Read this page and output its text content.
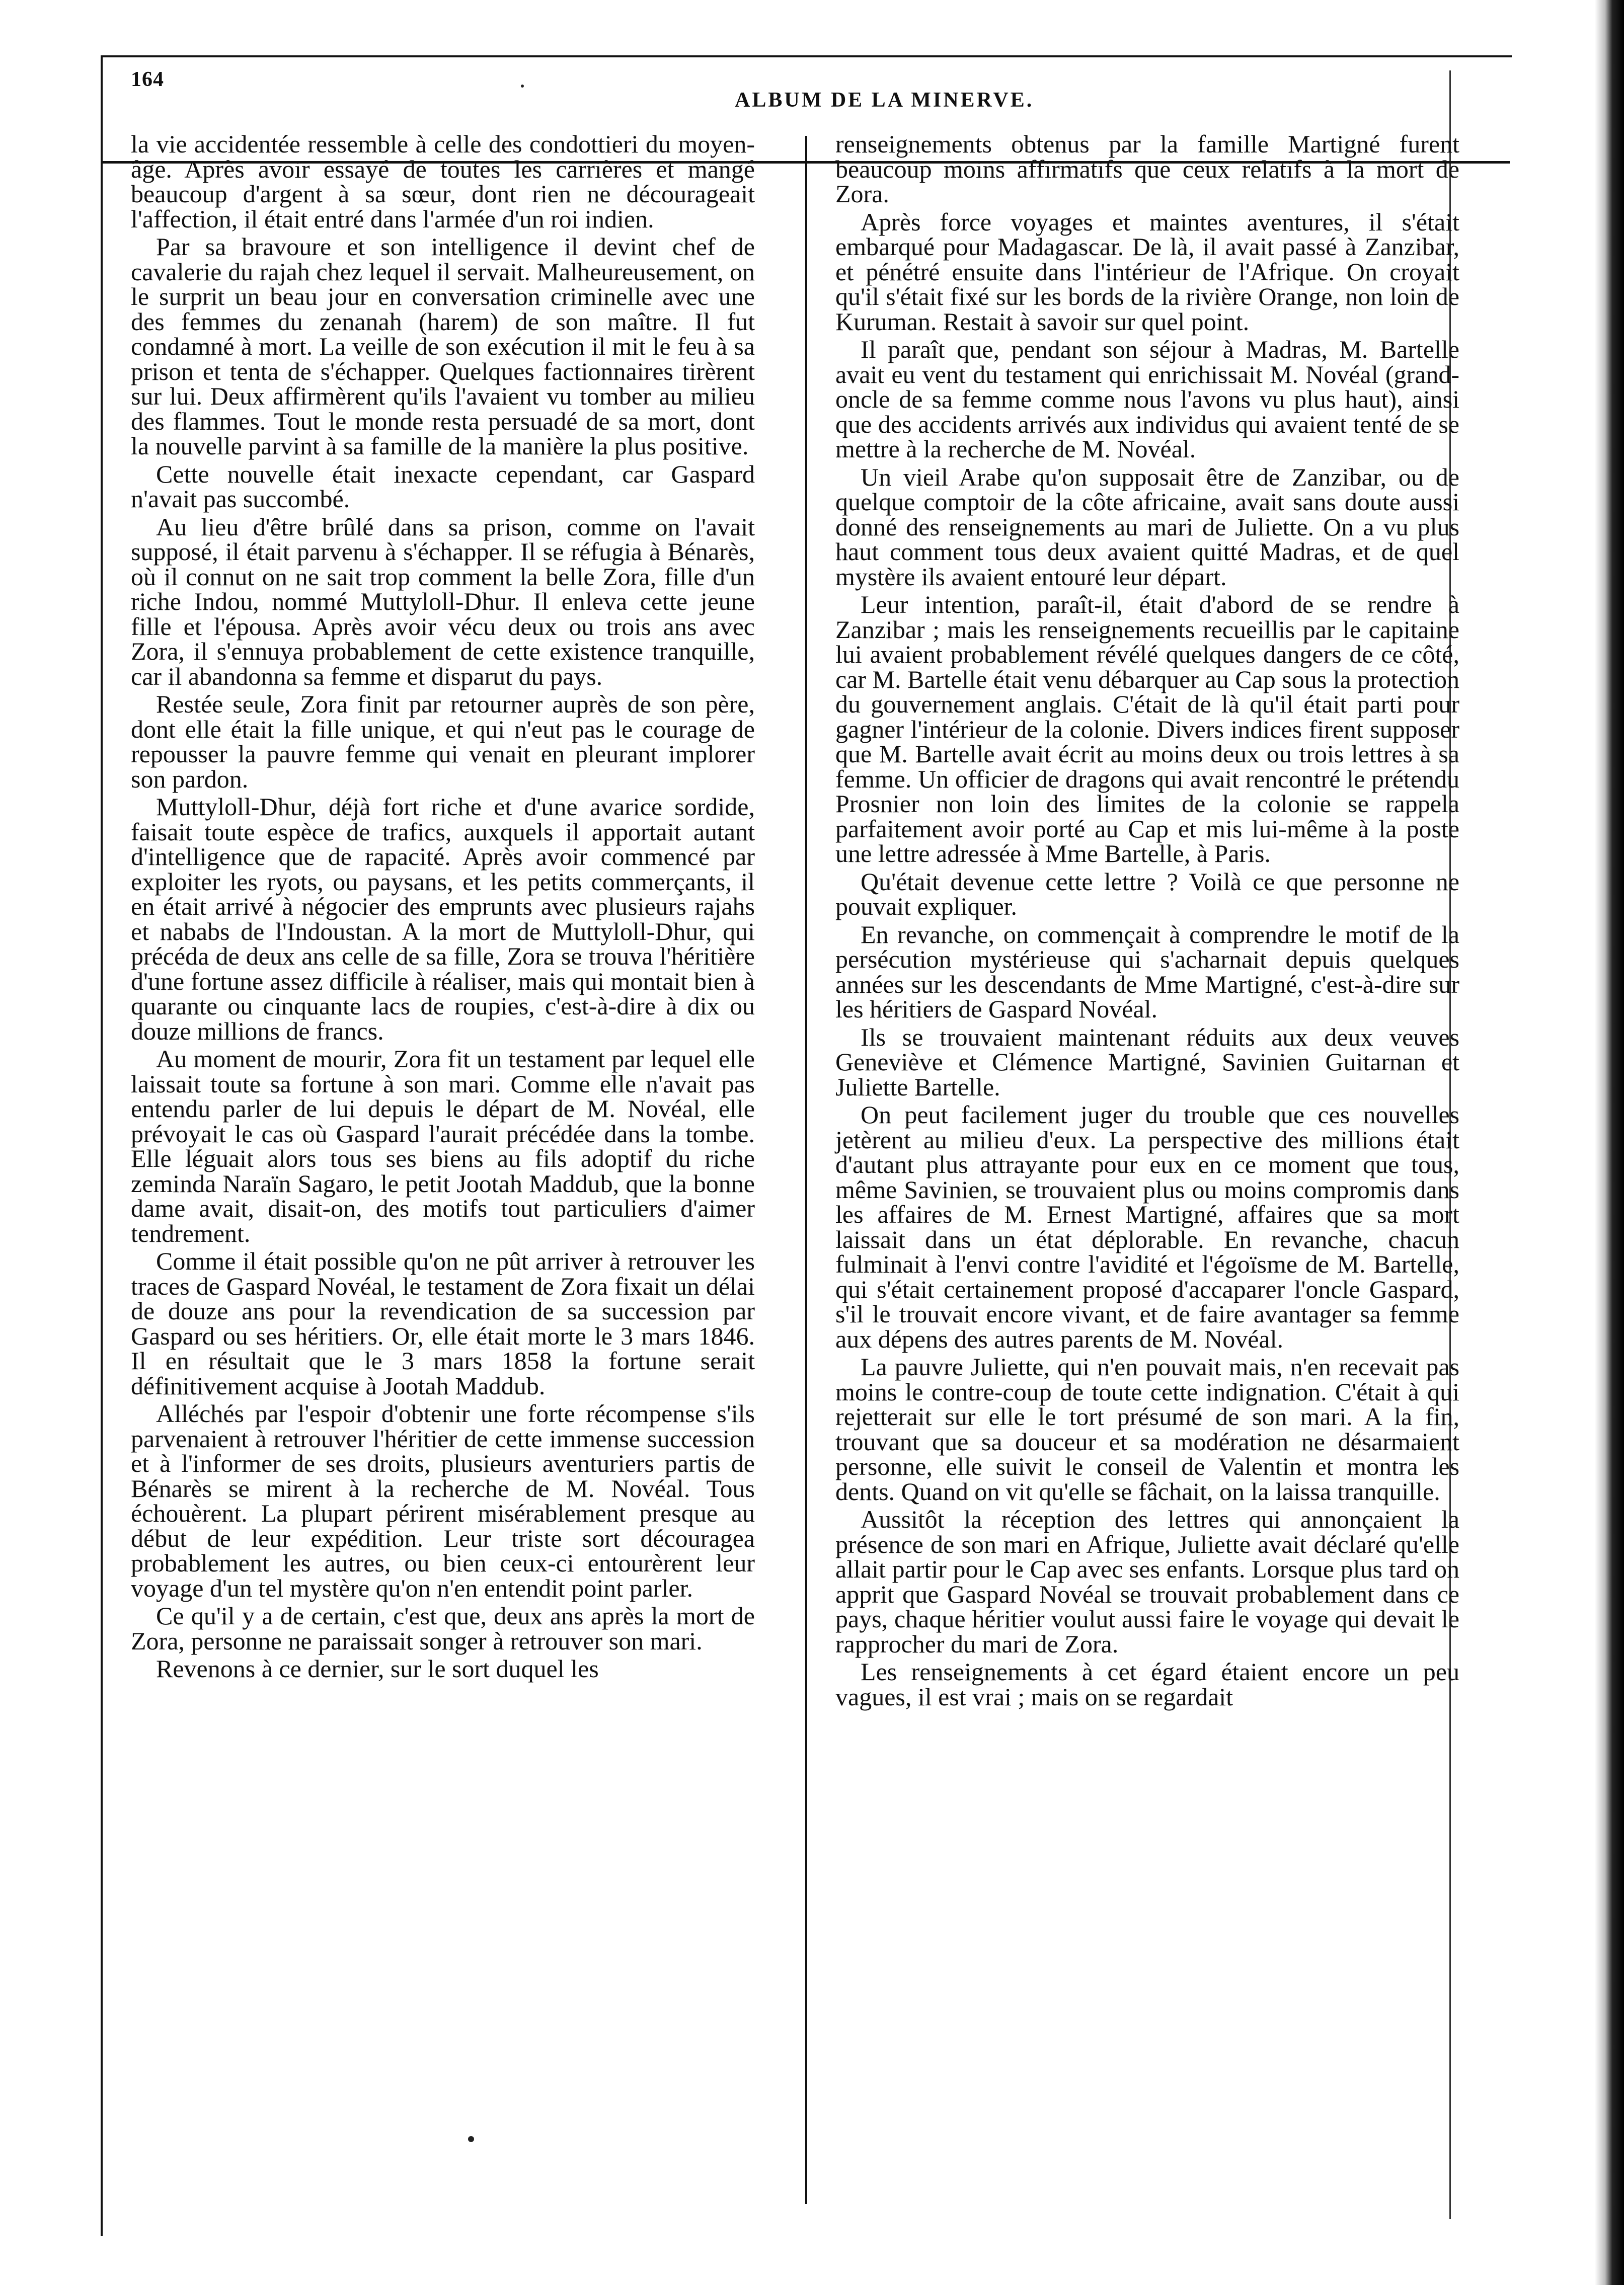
164
ALBUM DE LA MINERVE.

la vie accidentée ressemble à celle des condottieri du moyen-âge. Après avoir essayé de toutes les carrières et mangé beaucoup d'argent à sa sœur, dont rien ne décourageait l'affection, il était entré dans l'armée d'un roi indien.

Par sa bravoure et son intelligence il devint chef de cavalerie du rajah chez lequel il servait. Malheureusement, on le surprit un beau jour en conversation criminelle avec une des femmes du zenanah (harem) de son maître. Il fut condamné à mort. La veille de son exécution il mit le feu à sa prison et tenta de s'échapper. Quelques factionnaires tirèrent sur lui. Deux affirmèrent qu'ils l'avaient vu tomber au milieu des flammes. Tout le monde resta persuadé de sa mort, dont la nouvelle parvint à sa famille de la manière la plus positive.

Cette nouvelle était inexacte cependant, car Gaspard n'avait pas succombé.

Au lieu d'être brûlé dans sa prison, comme on l'avait supposé, il était parvenu à s'échapper. Il se réfugia à Bénarès, où il connut on ne sait trop comment la belle Zora, fille d'un riche Indou, nommé Muttyloll-Dhur. Il enleva cette jeune fille et l'épousa. Après avoir vécu deux ou trois ans avec Zora, il s'ennuya probablement de cette existence tranquille, car il abandonna sa femme et disparut du pays.

Restée seule, Zora finit par retourner auprès de son père, dont elle était la fille unique, et qui n'eut pas le courage de repousser la pauvre femme qui venait en pleurant implorer son pardon.

Muttyloll-Dhur, déjà fort riche et d'une avarice sordide, faisait toute espèce de trafics, auxquels il apportait autant d'intelligence que de rapacité. Après avoir commencé par exploiter les ryots, ou paysans, et les petits commerçants, il en était arrivé à négocier des emprunts avec plusieurs rajahs et nababs de l'Indoustan. A la mort de Muttyloll-Dhur, qui précéda de deux ans celle de sa fille, Zora se trouva l'héritière d'une fortune assez difficile à réaliser, mais qui montait bien à quarante ou cinquante lacs de roupies, c'est-à-dire à dix ou douze millions de francs.

Au moment de mourir, Zora fit un testament par lequel elle laissait toute sa fortune à son mari. Comme elle n'avait pas entendu parler de lui depuis le départ de M. Novéal, elle prévoyait le cas où Gaspard l'aurait précédée dans la tombe. Elle léguait alors tous ses biens au fils adoptif du riche zeminda Naraïn Sagaro, le petit Jootah Maddub, que la bonne dame avait, disait-on, des motifs tout particuliers d'aimer tendrement.

Comme il était possible qu'on ne pût arriver à retrouver les traces de Gaspard Novéal, le testament de Zora fixait un délai de douze ans pour la revendication de sa succession par Gaspard ou ses héritiers. Or, elle était morte le 3 mars 1846. Il en résultait que le 3 mars 1858 la fortune serait définitivement acquise à Jootah Maddub.

Alléchés par l'espoir d'obtenir une forte récompense s'ils parvenaient à retrouver l'héritier de cette immense succession et à l'informer de ses droits, plusieurs aventuriers partis de Bénarès se mirent à la recherche de M. Novéal. Tous échouèrent. La plupart périrent misérablement presque au début de leur expédition. Leur triste sort découragea probablement les autres, ou bien ceux-ci entourèrent leur voyage d'un tel mystère qu'on n'en entendit point parler.

Ce qu'il y a de certain, c'est que, deux ans après la mort de Zora, personne ne paraissait songer à retrouver son mari.

Revenons à ce dernier, sur le sort duquel les

renseignements obtenus par la famille Martigné furent beaucoup moins affirmatifs que ceux relatifs à la mort de Zora.

Après force voyages et maintes aventures, il s'était embarqué pour Madagascar. De là, il avait passé à Zanzibar, et pénétré ensuite dans l'intérieur de l'Afrique. On croyait qu'il s'était fixé sur les bords de la rivière Orange, non loin de Kuruman. Restait à savoir sur quel point.

Il paraît que, pendant son séjour à Madras, M. Bartelle avait eu vent du testament qui enrichissait M. Novéal (grand-oncle de sa femme comme nous l'avons vu plus haut), ainsi que des accidents arrivés aux individus qui avaient tenté de se mettre à la recherche de M. Novéal.

Un vieil Arabe qu'on supposait être de Zanzibar, ou de quelque comptoir de la côte africaine, avait sans doute aussi donné des renseignements au mari de Juliette. On a vu plus haut comment tous deux avaient quitté Madras, et de quel mystère ils avaient entouré leur départ.

Leur intention, paraît-il, était d'abord de se rendre à Zanzibar ; mais les renseignements recueillis par le capitaine lui avaient probablement révélé quelques dangers de ce côté, car M. Bartelle était venu débarquer au Cap sous la protection du gouvernement anglais. C'était de là qu'il était parti pour gagner l'intérieur de la colonie. Divers indices firent supposer que M. Bartelle avait écrit au moins deux ou trois lettres à sa femme. Un officier de dragons qui avait rencontré le prétendu Prosnier non loin des limites de la colonie se rappela parfaitement avoir porté au Cap et mis lui-même à la poste une lettre adressée à Mme Bartelle, à Paris.

Qu'était devenue cette lettre ? Voilà ce que personne ne pouvait expliquer.

En revanche, on commençait à comprendre le motif de la persécution mystérieuse qui s'acharnait depuis quelques années sur les descendants de Mme Martigné, c'est-à-dire sur les héritiers de Gaspard Novéal.

Ils se trouvaient maintenant réduits aux deux veuves Geneviève et Clémence Martigné, Savinien Guitarnan et Juliette Bartelle.

On peut facilement juger du trouble que ces nouvelles jetèrent au milieu d'eux. La perspective des millions était d'autant plus attrayante pour eux en ce moment que tous, même Savinien, se trouvaient plus ou moins compromis dans les affaires de M. Ernest Martigné, affaires que sa mort laissait dans un état déplorable. En revanche, chacun fulminait à l'envi contre l'avidité et l'égoïsme de M. Bartelle, qui s'était certainement proposé d'accaparer l'oncle Gaspard, s'il le trouvait encore vivant, et de faire avantager sa femme aux dépens des autres parents de M. Novéal.

La pauvre Juliette, qui n'en pouvait mais, n'en recevait pas moins le contre-coup de toute cette indignation. C'était à qui rejetterait sur elle le tort présumé de son mari. A la fin, trouvant que sa douceur et sa modération ne désarmaient personne, elle suivit le conseil de Valentin et montra les dents. Quand on vit qu'elle se fâchait, on la laissa tranquille.

Aussitôt la réception des lettres qui annonçaient la présence de son mari en Afrique, Juliette avait déclaré qu'elle allait partir pour le Cap avec ses enfants. Lorsque plus tard on apprit que Gaspard Novéal se trouvait probablement dans ce pays, chaque héritier voulut aussi faire le voyage qui devait le rapprocher du mari de Zora.

Les renseignements à cet égard étaient encore un peu vagues, il est vrai ; mais on se regardait
